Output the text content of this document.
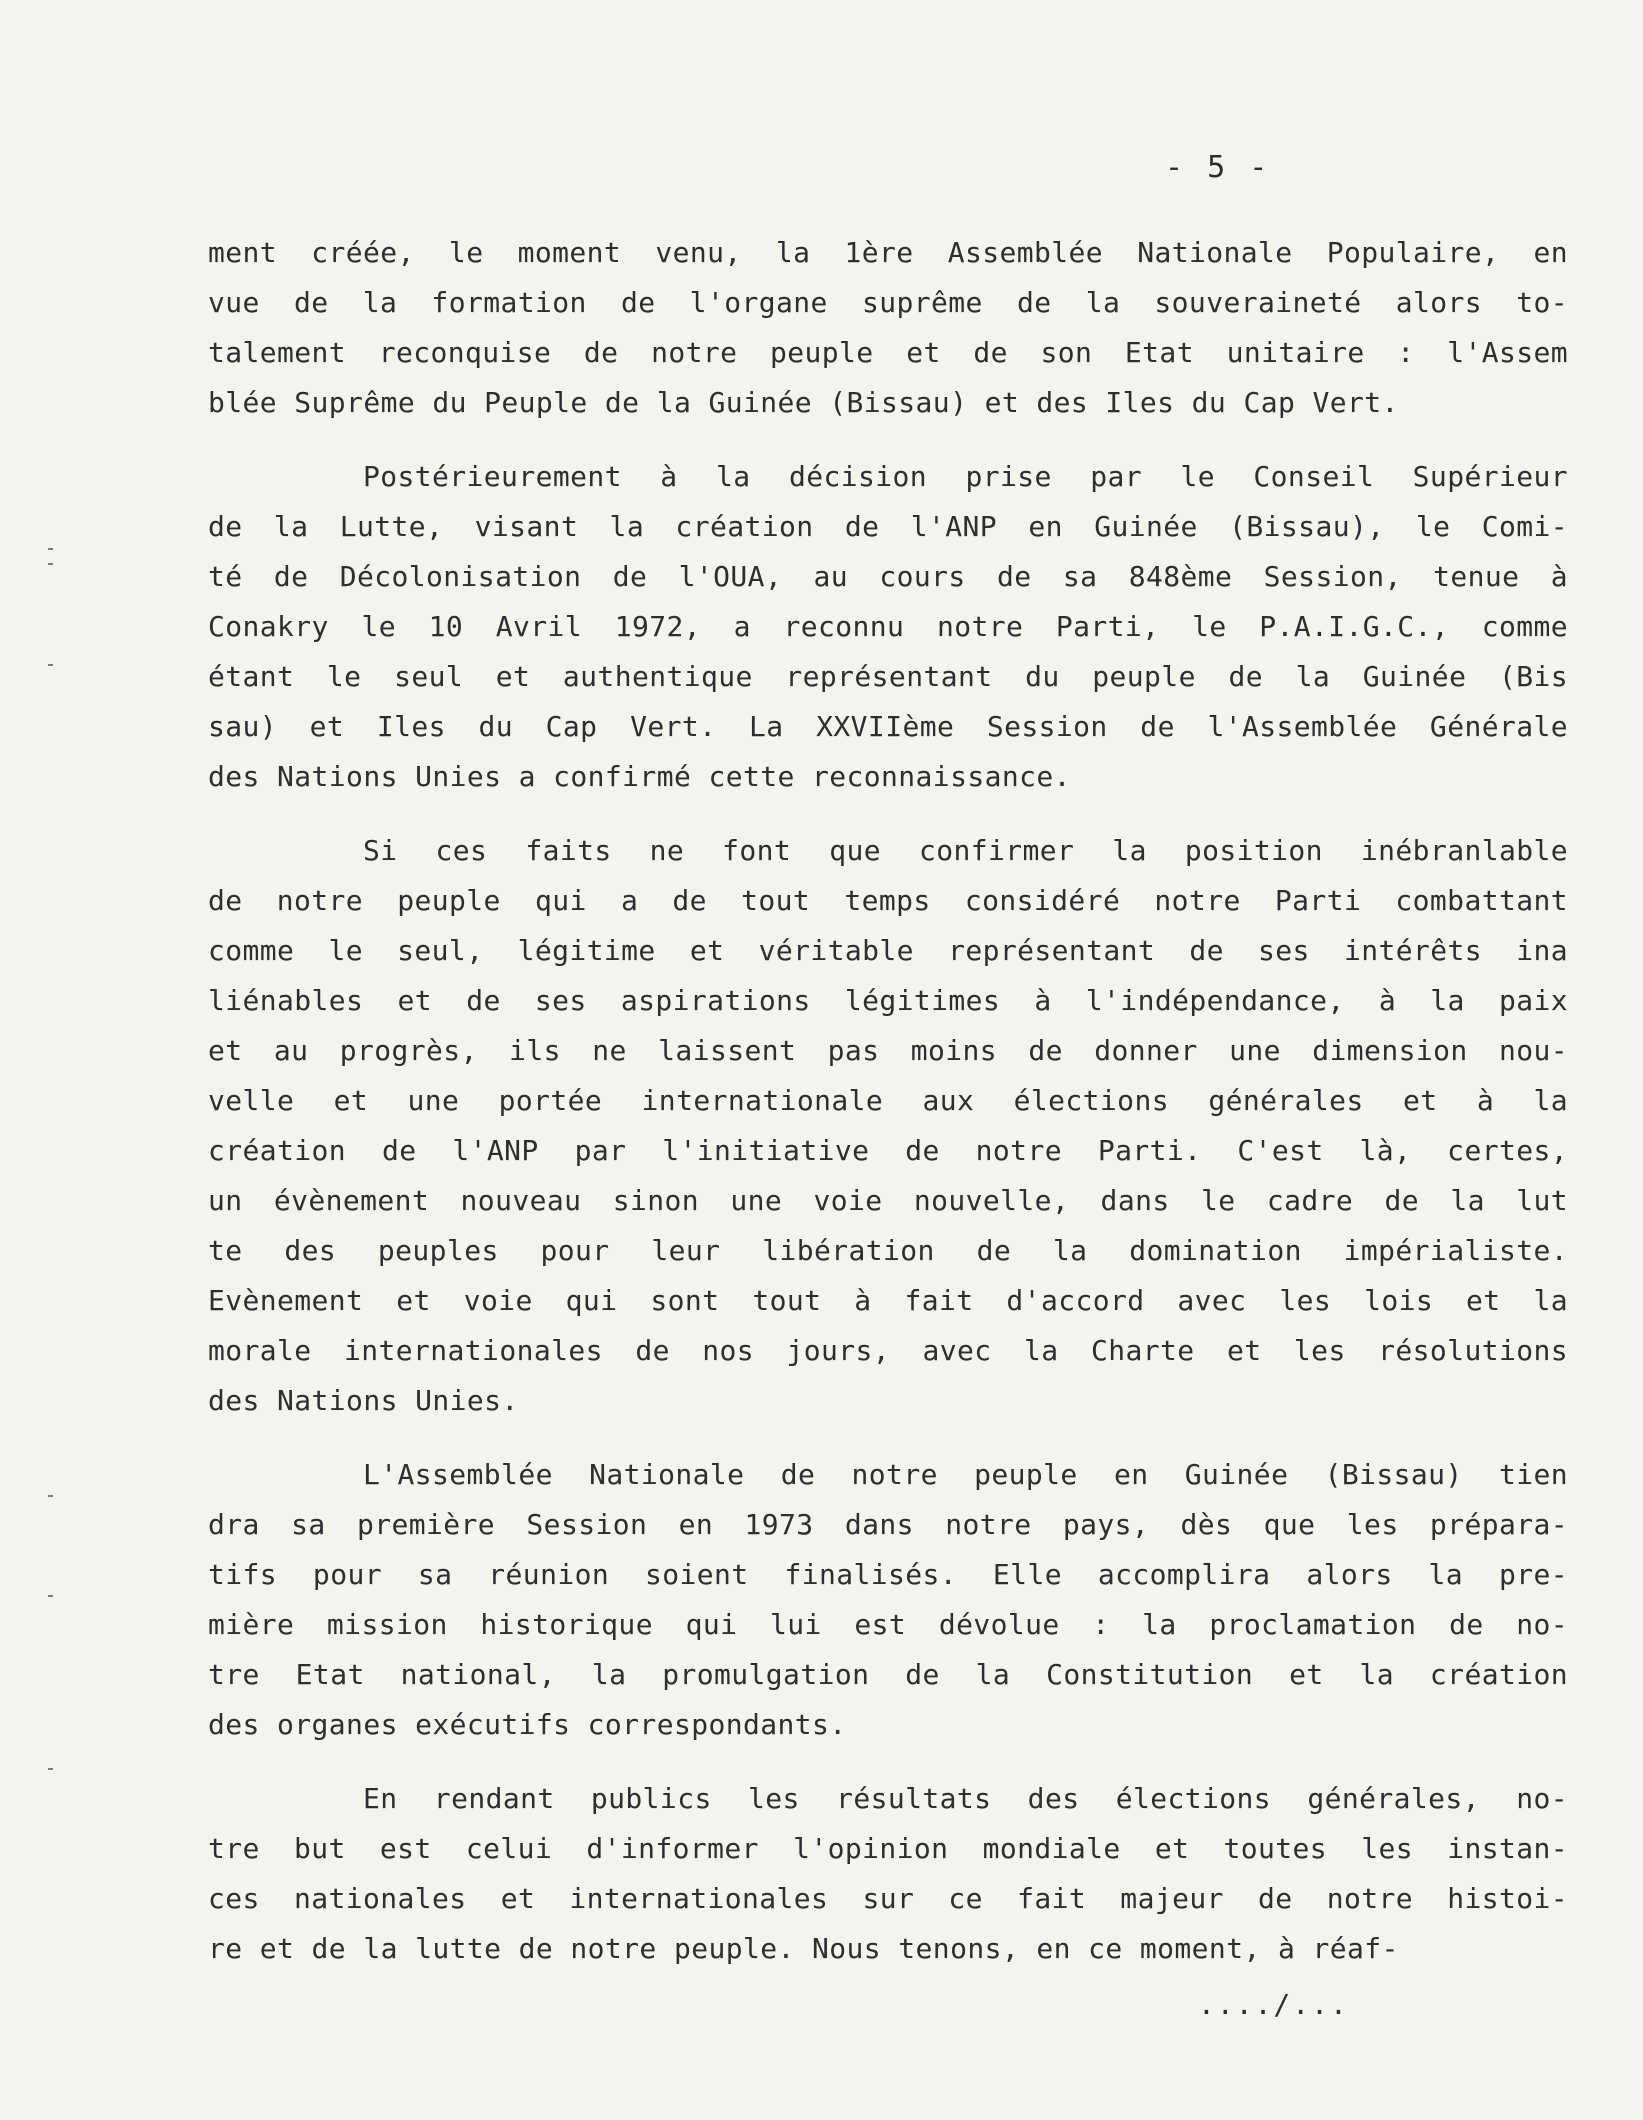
- 5 -
ment créée, le moment venu, la 1ère Assemblée Nationale Populaire, en
vue de la formation de l'organe suprême de la souveraineté alors to-
talement reconquise de notre peuple et de son Etat unitaire : l'Assem
blée Suprême du Peuple de la Guinée (Bissau) et des Iles du Cap Vert.
Postérieurement à la décision prise par le Conseil Supérieur
de la Lutte, visant la création de l'ANP en Guinée (Bissau), le Comi-
té de Décolonisation de l'OUA, au cours de sa 848ème Session, tenue à
Conakry le 10 Avril 1972, a reconnu notre Parti, le P.A.I.G.C., comme
étant le seul et authentique représentant du peuple de la Guinée (Bis
sau) et Iles du Cap Vert. La XXVIIème Session de l'Assemblée Générale
des Nations Unies a confirmé cette reconnaissance.
Si ces faits ne font que confirmer la position inébranlable
de notre peuple qui a de tout temps considéré notre Parti combattant
comme le seul, légitime et véritable représentant de ses intérêts ina
liénables et de ses aspirations légitimes à l'indépendance, à la paix
et au progrès, ils ne laissent pas moins de donner une dimension nou-
velle et une portée internationale aux élections générales et à la
création de l'ANP par l'initiative de notre Parti. C'est là, certes,
un évènement nouveau sinon une voie nouvelle, dans le cadre de la lut
te des peuples pour leur libération de la domination impérialiste.
Evènement et voie qui sont tout à fait d'accord avec les lois et la
morale internationales de nos jours, avec la Charte et les résolutions
des Nations Unies.
L'Assemblée Nationale de notre peuple en Guinée (Bissau) tien
dra sa première Session en 1973 dans notre pays, dès que les prépara-
tifs pour sa réunion soient finalisés. Elle accomplira alors la pre-
mière mission historique qui lui est dévolue : la proclamation de no-
tre Etat national, la promulgation de la Constitution et la création
des organes exécutifs correspondants.
En rendant publics les résultats des élections générales, no-
tre but est celui d'informer l'opinion mondiale et toutes les instan-
ces nationales et internationales sur ce fait majeur de notre histoi-
re et de la lutte de notre peuple. Nous tenons, en ce moment, à réaf-
..../...
